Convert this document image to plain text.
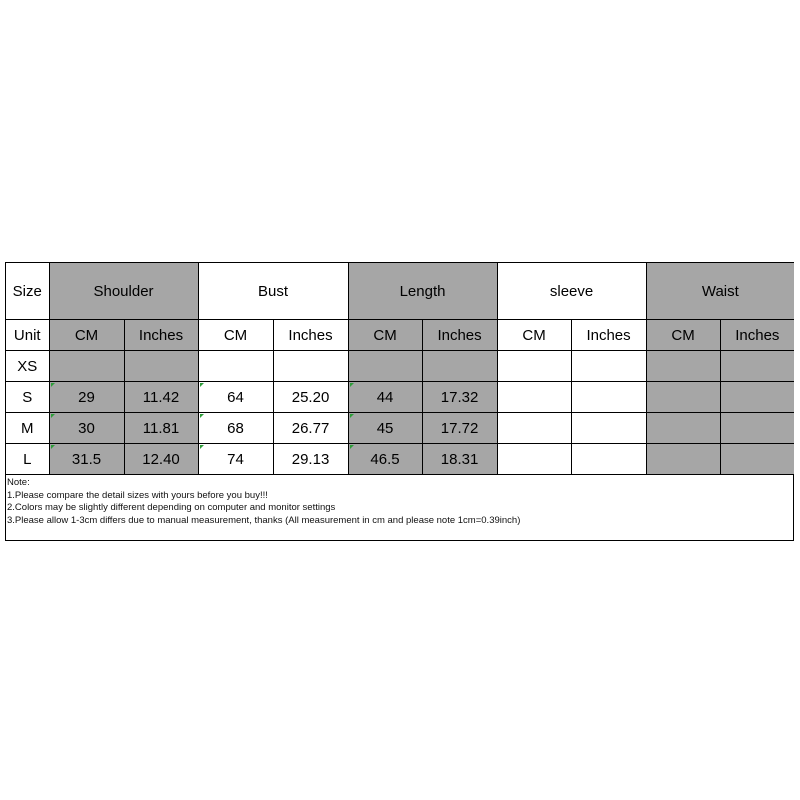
Size	Shoulder		Bust		Length		sleeve		Waist	
Unit	CM	Inches	CM	Inches	CM	Inches	CM	Inches	CM	Inches
XS										
S	29	11.42	64	25.20	44	17.32				
M	30	11.81	68	26.77	45	17.72				
L	31.5	12.40	74	29.13	46.5	18.31				
Note:
1.Please compare the detail sizes with yours before you buy!!!
2.Colors may be slightly different depending on computer and monitor settings
3.Please allow 1-3cm differs due to manual measurement, thanks (All measurement in cm and please note 1cm=0.39inch)
